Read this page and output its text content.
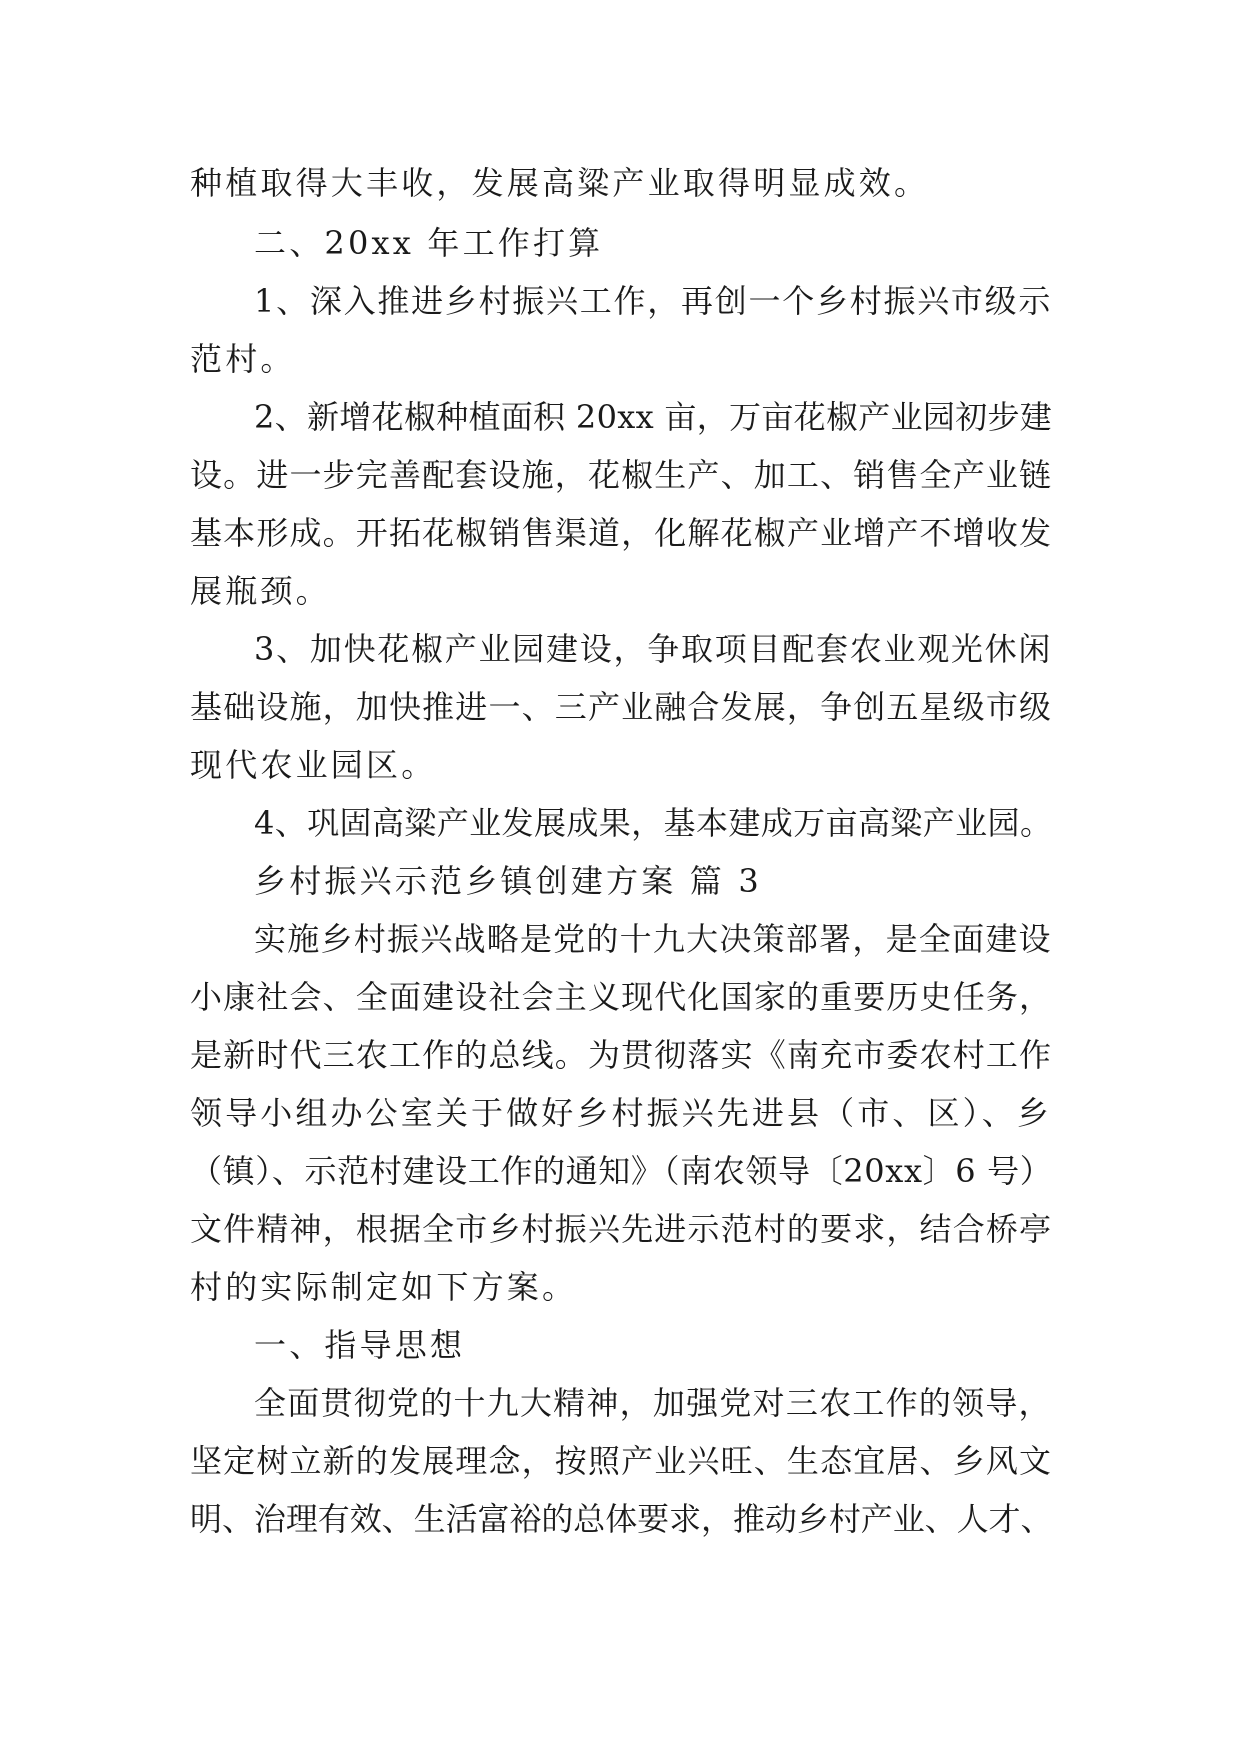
种植取得大丰收，发展高粱产业取得明显成效。
二、20xx 年工作打算
1、深入推进乡村振兴工作，再创一个乡村振兴市级示
范村。
2、新增花椒种植面积 20xx 亩，万亩花椒产业园初步建
设。进一步完善配套设施，花椒生产、加工、销售全产业链
基本形成。开拓花椒销售渠道，化解花椒产业增产不增收发
展瓶颈。
3、加快花椒产业园建设，争取项目配套农业观光休闲
基础设施，加快推进一、三产业融合发展，争创五星级市级
现代农业园区。
4、巩固高粱产业发展成果，基本建成万亩高粱产业园。
乡村振兴示范乡镇创建方案 篇 3
实施乡村振兴战略是党的十九大决策部署，是全面建设
小康社会、全面建设社会主义现代化国家的重要历史任务，
是新时代三农工作的总线。为贯彻落实《南充市委农村工作
领导小组办公室关于做好乡村振兴先进县（市、区）、乡
（镇）、示范村建设工作的通知》（南农领导〔20xx〕6 号）
文件精神，根据全市乡村振兴先进示范村的要求，结合桥亭
村的实际制定如下方案。
一、指导思想
全面贯彻党的十九大精神，加强党对三农工作的领导，
坚定树立新的发展理念，按照产业兴旺、生态宜居、乡风文
明、治理有效、生活富裕的总体要求，推动乡村产业、人才、
